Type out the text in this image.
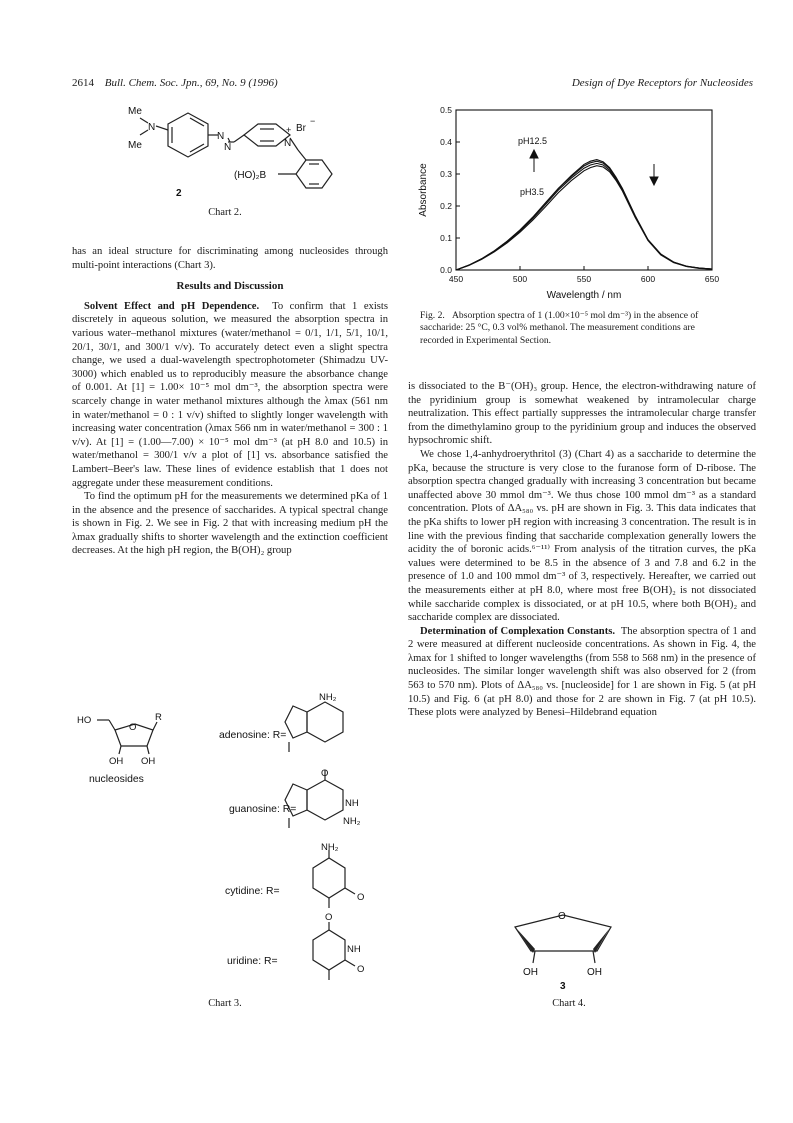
2614 Bull. Chem. Soc. Jpn., 69, No. 9 (1996)	Design of Dye Receptors for Nucleosides
Me
N
Me
N
N	N
+ Br
−
(HO)₂B
2
Chart 2.

has an ideal structure for discriminating among nucleosides through multi-point interactions (Chart 3).

Results and Discussion

Solvent Effect and pH Dependence. To confirm that 1 exists discretely in aqueous solution, we measured the absorption spectra in various water–methanol mixtures (water/methanol = 0/1, 1/1, 5/1, 10/1, 20/1, 30/1, and 300/1 v/v). To accurately detect even a slight spectra change, we used a dual-wavelength spectrophotometer (Shimadzu UV-3000) which enabled us to reproducibly measure the absorbance change of 0.001. At [1] = 1.00× 10⁻⁵ mol dm⁻³, the absorption spectra were scarcely change in water methanol mixtures although the λmax (561 nm in water/methanol = 0 : 1 v/v) shifted to slightly longer wavelength with increasing water concentration (λmax 566 nm in water/methanol = 300 : 1 v/v). At [1] = (1.00—7.00) × 10⁻⁵ mol dm⁻³ (at pH 8.0 and 10.5) in water/methanol = 300/1 v/v a plot of [1] vs. absorbance satisfied the Lambert–Beer's law. These lines of evidence establish that 1 does not aggregate under these measurement conditions.

To find the optimum pH for the measurements we determined pKa of 1 in the absence and the presence of saccharides. A typical spectral change is shown in Fig. 2. We see in Fig. 2 that with increasing medium pH the λmax gradually shifts to shorter wavelength and the extinction coefficient decreases. At the high pH region, the B(OH)₂ group

HO
O
R
OH OH
nucleosides
NH₂
adenosine: R=
O
NH
NH₂
guanosine: R=
NH₂
O
cytidine: R=
O
NH
O
uridine: R=
Chart 3.
0.0
0.1
0.2
0.3
0.4
0.5
450	500	550	600	650
Absorbance
Wavelength / nm
pH12.5
pH3.5
Fig. 2. Absorption spectra of 1 (1.00×10⁻⁵ mol dm⁻³) in the absence of saccharide: 25 °C, 0.3 vol% methanol. The measurement conditions are recorded in Experimental Section.

is dissociated to the B⁻(OH)₃ group. Hence, the electron-withdrawing nature of the pyridinium group is somewhat weakened by intramolecular charge neutralization. This effect partially suppresses the intramolecular charge transfer from the dimethylamino group to the pyridinium group and induces the observed hypsochromic shift.

We chose 1,4-anhydroerythritol (3) (Chart 4) as a saccharide to determine the pKa, because the structure is very close to the furanose form of D-ribose. The absorption spectra changed gradually with increasing 3 concentration but became unaffected above 30 mmol dm⁻³. We thus chose 100 mmol dm⁻³ as a standard concentration. Plots of ΔA₅₈₀ vs. pH are shown in Fig. 3. This data indicates that the pKa shifts to lower pH region with increasing 3 concentration. The result is in line with the previous finding that saccharide complexation generally lowers the acidity the of boronic acids.⁶⁻¹¹⁾ From analysis of the titration curves, the pKa values were determined to be 8.5 in the absence of 3 and 7.8 and 6.2 in the presence of 1.0 and 100 mmol dm⁻³ of 3, respectively. Hereafter, we carried out the measurements either at pH 8.0, where most free B(OH)₂ is not dissociated while saccharide complex is dissociated, or at pH 10.5, where both B(OH)₂ and saccharide complex are dissociated.

Determination of Complexation Constants. The absorption spectra of 1 and 2 were measured at different nucleoside concentrations. As shown in Fig. 4, the λmax for 1 shifted to longer wavelengths (from 558 to 568 nm) in the presence of nucleosides. The similar longer wavelength shift was also observed for 2 (from 563 to 570 nm). Plots of ΔA₅₈₀ vs. [nucleoside] for 1 are shown in Fig. 5 (at pH 10.5) and Fig. 6 (at pH 8.0) and those for 2 are shown in Fig. 7 (at pH 10.5). These plots were analyzed by Benesi–Hildebrand equation

O
OH	OH
3
Chart 4.
